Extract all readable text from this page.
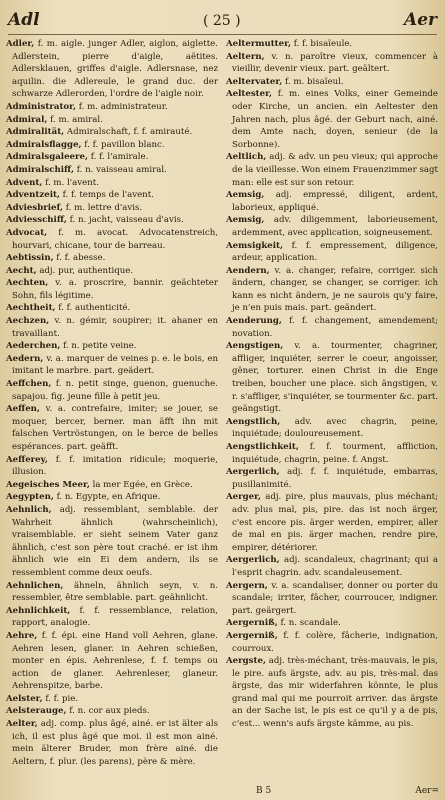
Adl	( 25 )	Aer

Adler, f. m. aigle. junger Adler, aiglon, aiglette. Adlerstein, pierre d'aigle, aëtites. Adlersklauen, griffes d'aigle. Adlersnase, nez aquilin. die Adlereule, le grand duc. der schwarze Adlerorden, l'ordre de l'aigle noir.

Administrator, f. m. administrateur.

Admiral, f. m. amiral.

Admiralität, Admiralschaft, f. f. amirauté.

Admiralsflagge, f. f. pavillon blanc.

Admiralsgaleere, f. f. l'amirale.

Admiralschiff, f. n. vaisseau amiral.

Advent, f. m. l'avent.

Adventzeit, f. f. temps de l'avent.

Adviesbrief, f. m. lettre d'avis.

Adviesschiff, f. n. jacht, vaisseau d'avis.

Advocat, f. m. avocat. Advocatenstreich, hourvari, chicane, tour de barreau.

Aebtissin, f. f. abesse.

Aecht, adj. pur, authentique.

Aechten, v. a. proscrire, bannir. geächteter Sohn, fils légitime.

Aechtheit, f. f. authenticité.

Aechzen, v. n. gémir, soupirer; it. ahaner en travaillant.

Aederchen, f. n. petite veine.

Aedern, v. a. marquer de veines p. e. le bois, en imitant le marbre. part. geädert.

Aeffchen, f. n. petit singe, guenon, guenuche. sapajou. fig. jeune fille à petit jeu.

Aeffen, v. a. contrefaire, imiter; se jouer, se moquer, bercer, berner. man äfft ihn mit falschen Vertröstungen, on le berce de belles espérances. part. geäfft.

Aefferey, f. f. imitation ridicule; moquerie, illusion.

Aegeisches Meer, la mer Egée, en Grèce.

Aegypten, f. n. Egypte, en Afrique.

Aehnlich, adj. ressemblant, semblable. der Wahrheit ähnlich (wahrscheinlich), vraisemblable. er sieht seinem Vater ganz ähnlich, c'est son père tout craché. er ist ihm ähnlich wie ein Ei dem andern, ils se ressemblent comme deux oeufs.

Aehnlichen, ähneln, ähnlich seyn, v. n. ressembler, être semblable. part. geähnlicht.

Aehnlichkeit, f. f. ressemblance, relation, rapport, analogie.

Aehre, f. f. épi. eine Hand voll Aehren, glane. Aehren lesen, glaner. in Aehren schießen, monter en épis. Aehrenlese, f. f. temps ou action de glaner. Aehrenleser, glaneur. Aehrenspitze, barbe.

Aelster, f. f. pie.

Aelsterauge, f. n. cor aux pieds.

Aelter, adj. comp. plus âgé, ainé. er ist älter als ich, il est plus âgé que moi. il est mon ainé. mein älterer Bruder, mon frère ainé. die Aeltern, f. plur. (les parens), père & mère.

Aeltermutter, f. f. bisaïeule.

Aeltern, v. n. paroître vieux, commencer à vieillir, devenir vieux. part. geältert.

Aeltervater, f. m. bisaïeul.

Aeltester, f. m. eines Volks, einer Gemeinde oder Kirche, un ancien. ein Aeltester den Jahren nach, plus âgé. der Geburt nach, ainé. dem Amte nach, doyen, senieur (de la Sorbonne).

Aeltlich, adj. & adv. un peu vieux; qui approche de la vieillesse. Won einem Frauenzimmer sagt man: elle est sur son retour.

Aemsig, adj. empressé, diligent, ardent, laborieux, appliqué.

Aemsig, adv. diligemment, laborieusement, ardemment, avec application, soigneusement.

Aemsigkeit, f. f. empressement, diligence, ardeur, application.

Aendern, v. a. changer, refaire, corriger. sich ändern, changer, se changer, se corriger. ich kann es nicht ändern, je ne saurois qu'y faire, je n'en puis mais. part. geändert.

Aenderung, f. f. changement, amendement; novation.

Aengstigen, v. a. tourmenter, chagriner, affliger, inquiéter, serrer le coeur, angoisser, gêner, torturer. einen Christ in die Enge treiben, boucher une place. sich ängstigen, v. r. s'affliger, s'inquiéter, se tourmenter &c. part. geängstigt.

Aengstlich, adv. avec chagrin, peine, inquiétude; douloureusement.

Aengstlichkeit, f. f. tourment, affliction, inquiétude, chagrin, peine. f. Angst.

Aergerlich, adj. f. f. inquiétude, embarras, pusillanimité.

Aerger, adj. pire, plus mauvais, plus méchant; adv. plus mal, pis, pire. das ist noch ärger, c'est encore pis. ärger werden, empirer, aller de mal en pis. ärger machen, rendre pire, empirer, détériorer.

Aergerlich, adj. scandaleux, chagrinant; qui a l'esprit chagrin. adv. scandaleusement.

Aergern, v. a. scandaliser, donner ou porter du scandale; irriter, fâcher, courroucer, indigner. part. geärgert.

Aergerniß, f. n. scandale.

Aergerniß, f. f. colère, fâcherie, indignation, courroux.

Aergste, adj. très-méchant, très-mauvais, le pis, le pire. aufs ärgste, adv. au pis, très-mal. das ärgste, das mir widerfahren könnte, le plus grand mal qui me pourroit arriver. das ärgste an der Sache ist, le pis est ce qu'il y a de pis, c'est... wenn's aufs ärgste kämme, au pis.

B 5	Aer=
